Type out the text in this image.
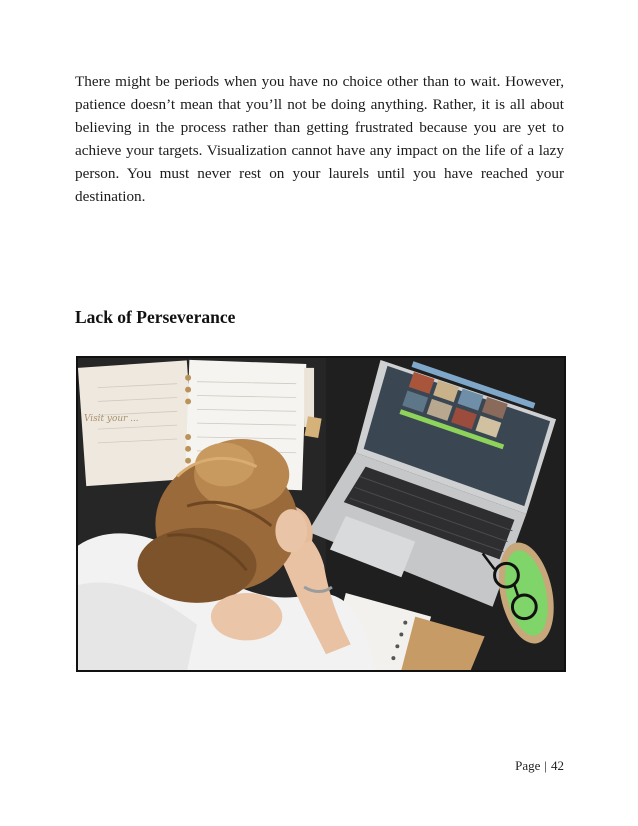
There might be periods when you have no choice other than to wait. However, patience doesn’t mean that you’ll not be doing anything. Rather, it is all about believing in the process rather than getting frustrated because you are yet to achieve your targets. Visualization cannot have any impact on the life of a lazy person. You must never rest on your laurels until you have reached your destination.

Lack of Perseverance
Visit your ...
Page | 42
